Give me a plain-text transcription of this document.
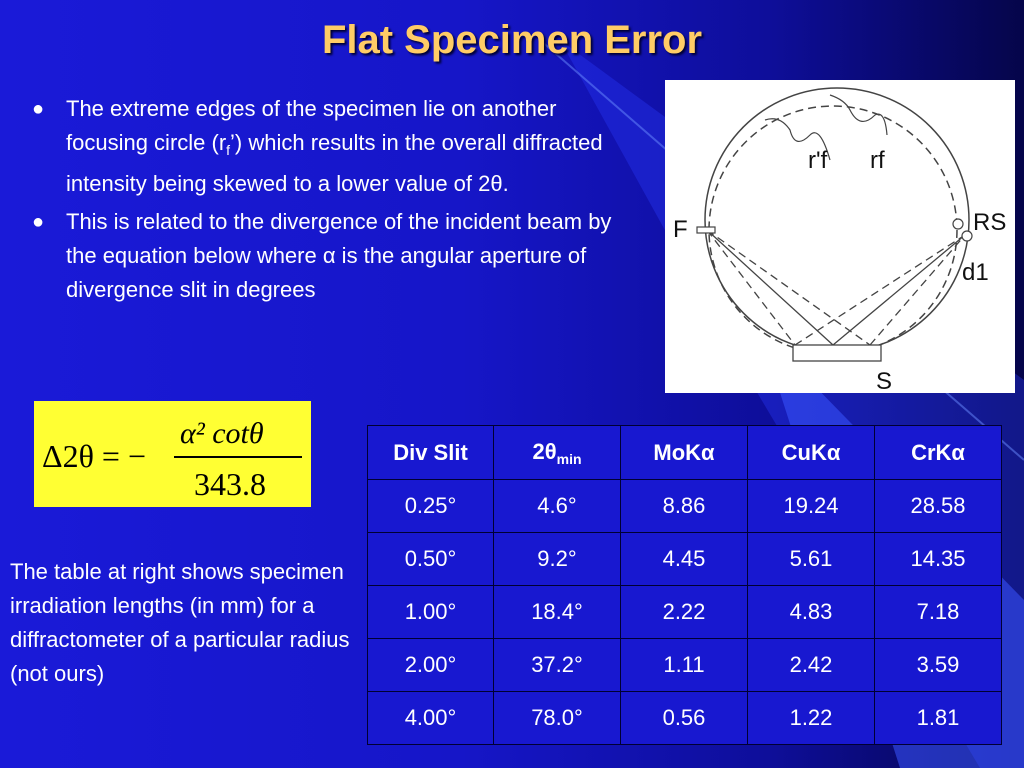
Flat Specimen Error
● The extreme edges of the specimen lie on another focusing circle $(r_f’)$ which results in the overall diffracted intensity being skewed to a lower value of 2θ.
● This is related to the divergence of the incident beam by the equation below where α is the angular aperture of divergence slit in degrees
r'f rf
F	RS
d1
S
Δ2θ = −
α² cotθ
343.8
The table at right shows specimen irradiation lengths (in mm) for a diffractometer of a particular radius (not ours)
Div Slit	$2\theta_{min}$	MoKα	CuKα	CrKα
0.25°	4.6°	8.86	19.24	28.58
0.50°	9.2°	4.45	5.61	14.35
1.00°	18.4°	2.22	4.83	7.18
2.00°	37.2°	1.11	2.42	3.59
4.00°	78.0°	0.56	1.22	1.81
